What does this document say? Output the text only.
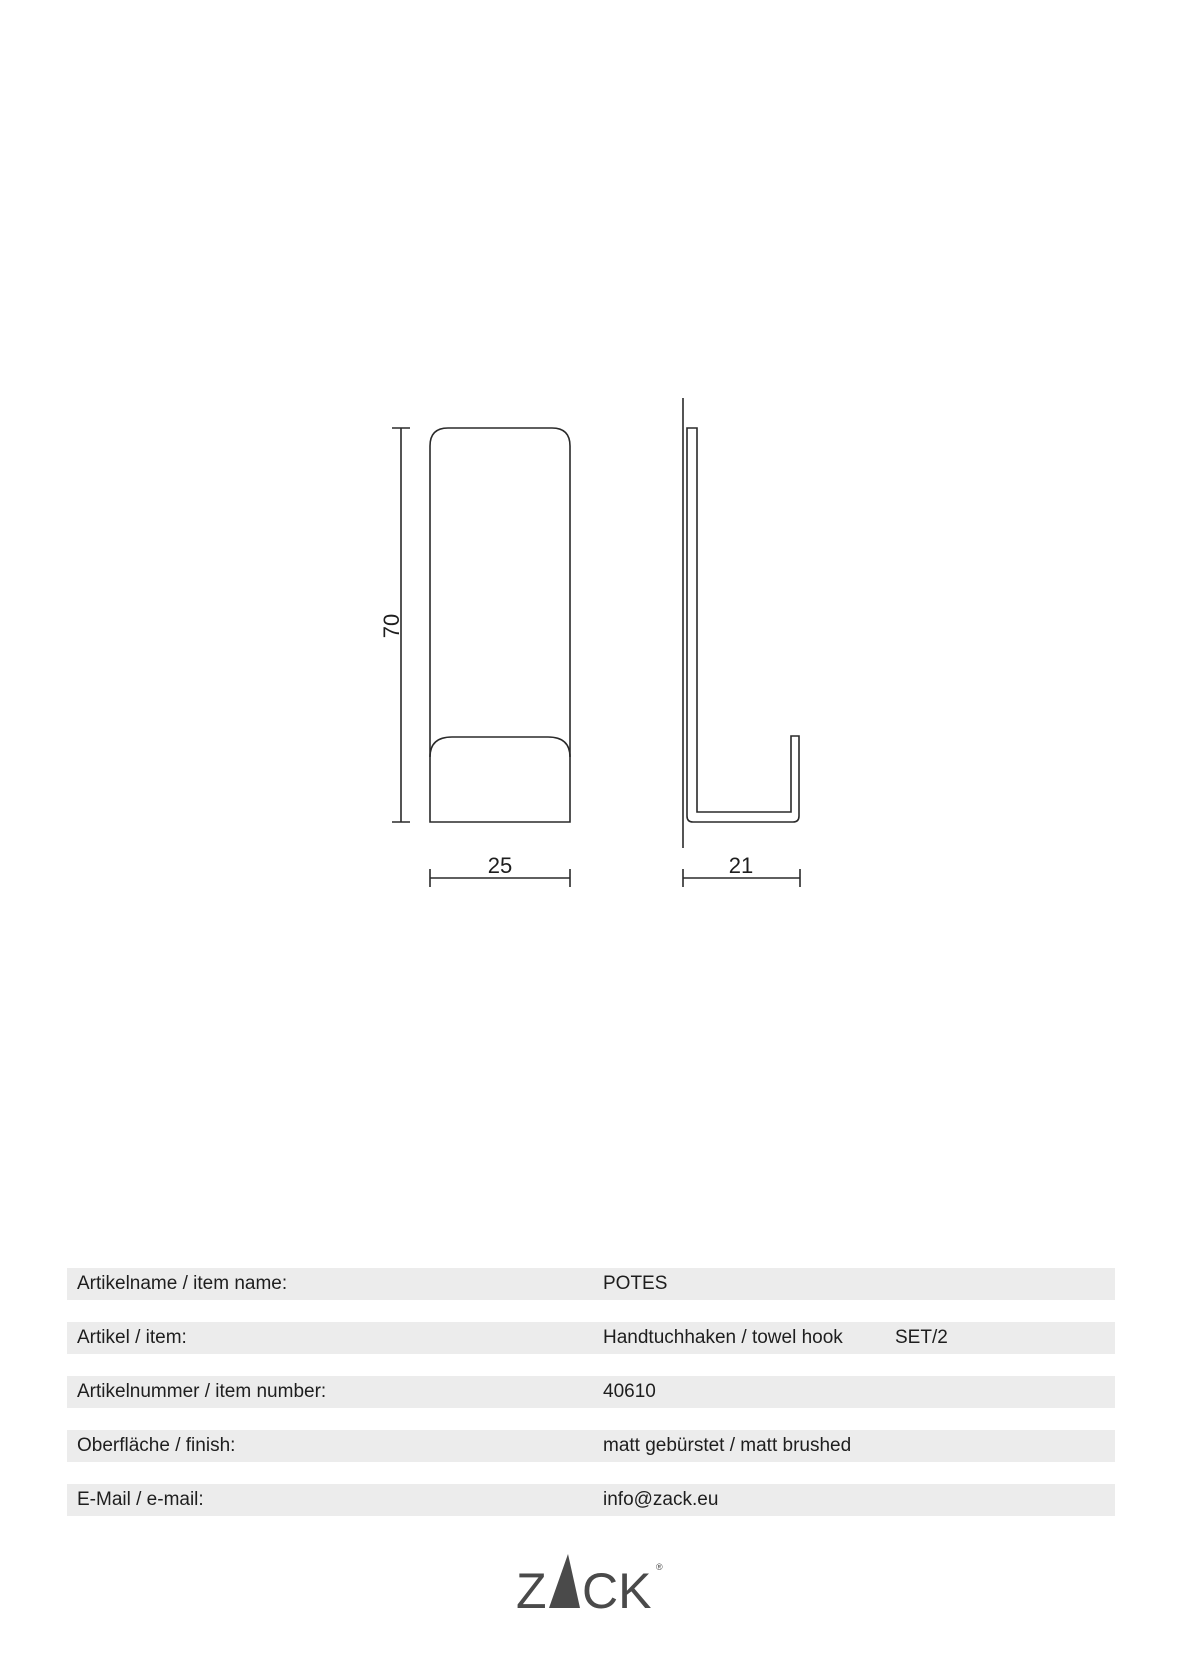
70
25	21
Artikelname / item name:	POTES
Artikel / item:	Handtuchhaken / towel hook	SET/2
Artikelnummer / item number:	40610
Oberfläche / finish:	matt gebürstet / matt brushed
E-Mail / e-mail:	info@zack.eu
Z CK ®
